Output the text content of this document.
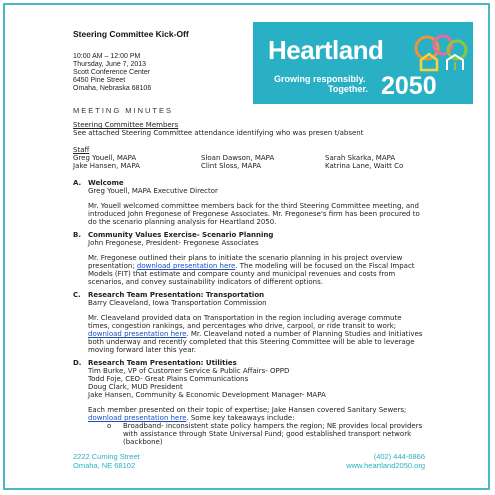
Steering Committee Kick-Off
10:00 AM – 12:00 PM
Thursday, June 7, 2013
Scott Conference Center
6450 Pine Street
Omaha, Nebraska 68106
Heartland
Growing responsibly.
Together. 2050
MEETING MINUTES
Steering Committee Members
See attached Steering Committee attendance identifying who was presen t/absent
Staff
Greg Youell, MAPA	Sloan Dawson, MAPA	Sarah Skarka, MAPA
Jake Hansen, MAPA	Clint Sloss, MAPA	Katrina Lane, Waitt Co
A. Welcome
Greg Youell, MAPA Executive Director
Mr. Youell welcomed committee members back for the third Steering Committee meeting, and introduced John Fregonese of Fregonese Associates. Mr. Fregonese's firm has been procured to do the scenario planning analysis for Heartland 2050.
B. Community Values Exercise- Scenario Planning
John Fregonese, President- Fregonese Associates
Mr. Fregonese outlined their plans to initiate the scenario planning in his project overview presentation; download presentation here. The modeling will be focused on the Fiscal Impact Models (FIT) that estimate and compare county and municipal revenues and costs from scenarios, and convey sustainability indicators of different options.
C. Research Team Presentation: Transportation
Barry Cleaveland, Iowa Transportation Commission
Mr. Cleaveland provided data on Transportation in the region including average commute times, congestion rankings, and percentages who drive, carpool, or ride transit to work; download presentation here. Mr. Cleaveland noted a number of Planning Studies and Initiatives both underway and recently completed that this Steering Committee will be able to leverage moving forward later this year.
D. Research Team Presentation: Utilities
Tim Burke, VP of Customer Service & Public Affairs- OPPD
Todd Foje, CEO- Great Plains Communications
Doug Clark, MUD President
Jake Hansen, Community & Economic Development Manager- MAPA
Each member presented on their topic of expertise; Jake Hansen covered Sanitary Sewers; download presentation here. Some key takeaways include:
o Broadband- inconsistent state policy hampers the region; NE provides local providers with assistance through State Universal Fund; good established transport network (backbone)
2222 Cuming Street
Omaha, NE 68102
(402) 444-6866
www.heartland2050.org
